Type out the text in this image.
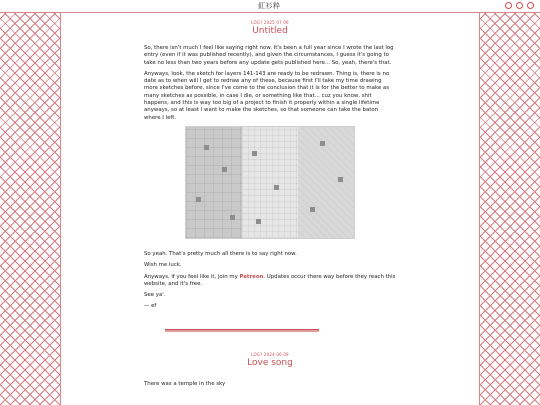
釭衫粋
LOG? 2025 07 09
Untitled

So, there isn't much I feel like saying right now. It's been a full year since I wrote the last log entry (even if it was published recently), and given the circumstances, I guess it's going to take no less than two years before any update gets published here... So, yeah, there's that.

Anyways, look, the sketch for layers 141-143 are ready to be redrawn. Thing is, there is no date as to when will I get to redraw any of these, because first I'll take my time drawing more sketches before, since I've come to the conclusion that it is for the better to make as many sketches as possible, in case I die, or something like that... cuz you know, shit happens, and this is way too big of a project to finish it properly within a single lifetime anyways, so at least I want to make the sketches, so that someone can take the baton where I left.

So yeah. That's pretty much all there is to say right now.

Wish me luck.

Anyways, if you feel like it, join my Patreon. Updates occur there way before they reach this website, and it's free.

See ya'.

— ef

LOG? 2024 06 09
Love song
There was a temple in the sky
